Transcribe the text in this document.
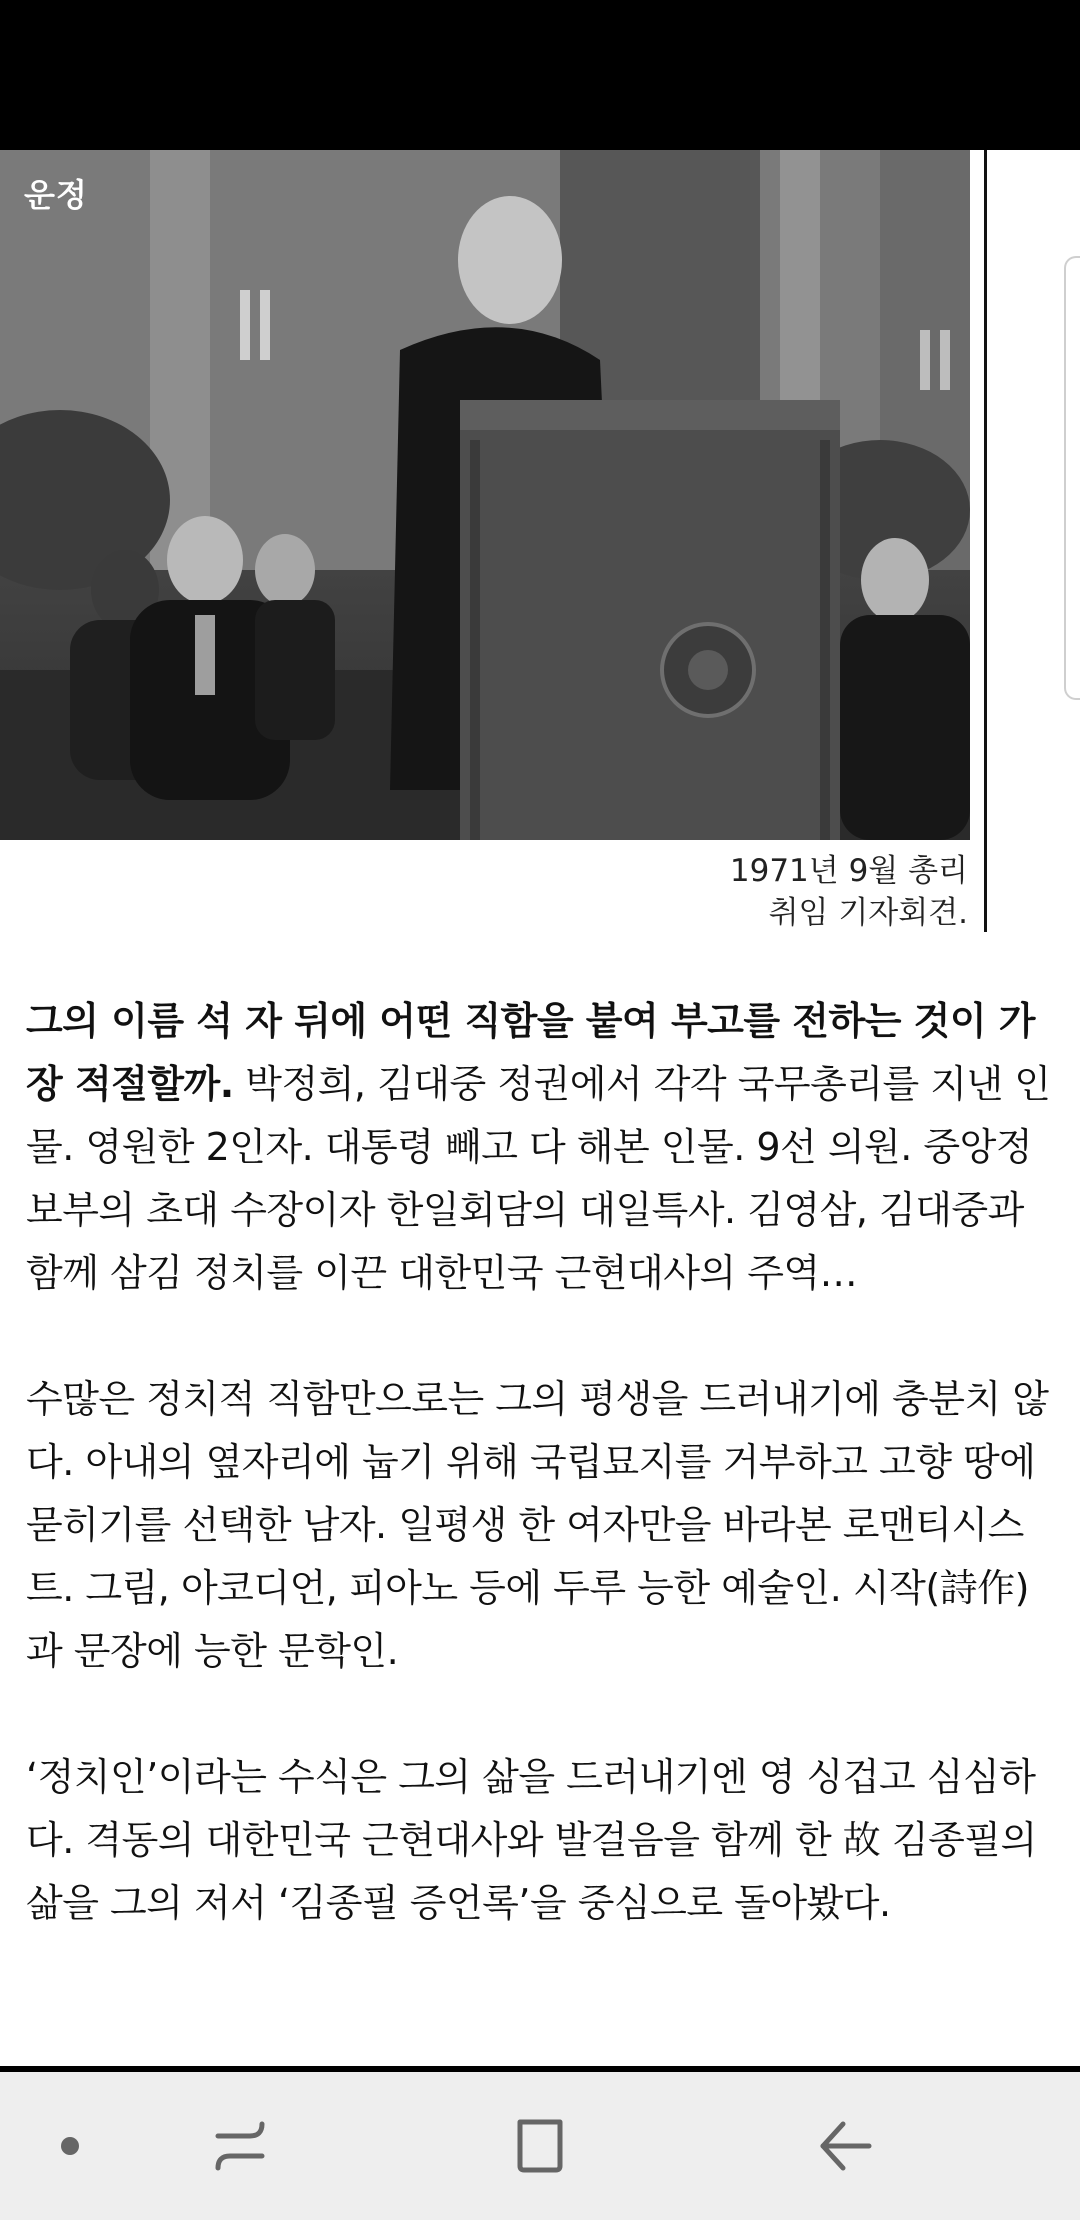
운정
1971년 9월 총리
취임 기자회견.

그의 이름 석 자 뒤에 어떤 직함을 붙여 부고를 전하는 것이 가장 적절할까. 박정희, 김대중 정권에서 각각 국무총리를 지낸 인물. 영원한 2인자. 대통령 빼고 다 해본 인물. 9선 의원. 중앙정보부의 초대 수장이자 한일회담의 대일특사. 김영삼, 김대중과 함께 삼김 정치를 이끈 대한민국 근현대사의 주역…

수많은 정치적 직함만으로는 그의 평생을 드러내기에 충분치 않다. 아내의 옆자리에 눕기 위해 국립묘지를 거부하고 고향 땅에 묻히기를 선택한 남자. 일평생 한 여자만을 바라본 로맨티시스트. 그림, 아코디언, 피아노 등에 두루 능한 예술인. 시작(詩作)과 문장에 능한 문학인.

‘정치인’이라는 수식은 그의 삶을 드러내기엔 영 싱겁고 심심하다. 격동의 대한민국 근현대사와 발걸음을 함께 한 故 김종필의 삶을 그의 저서 ‘김종필 증언록’을 중심으로 돌아봤다.
